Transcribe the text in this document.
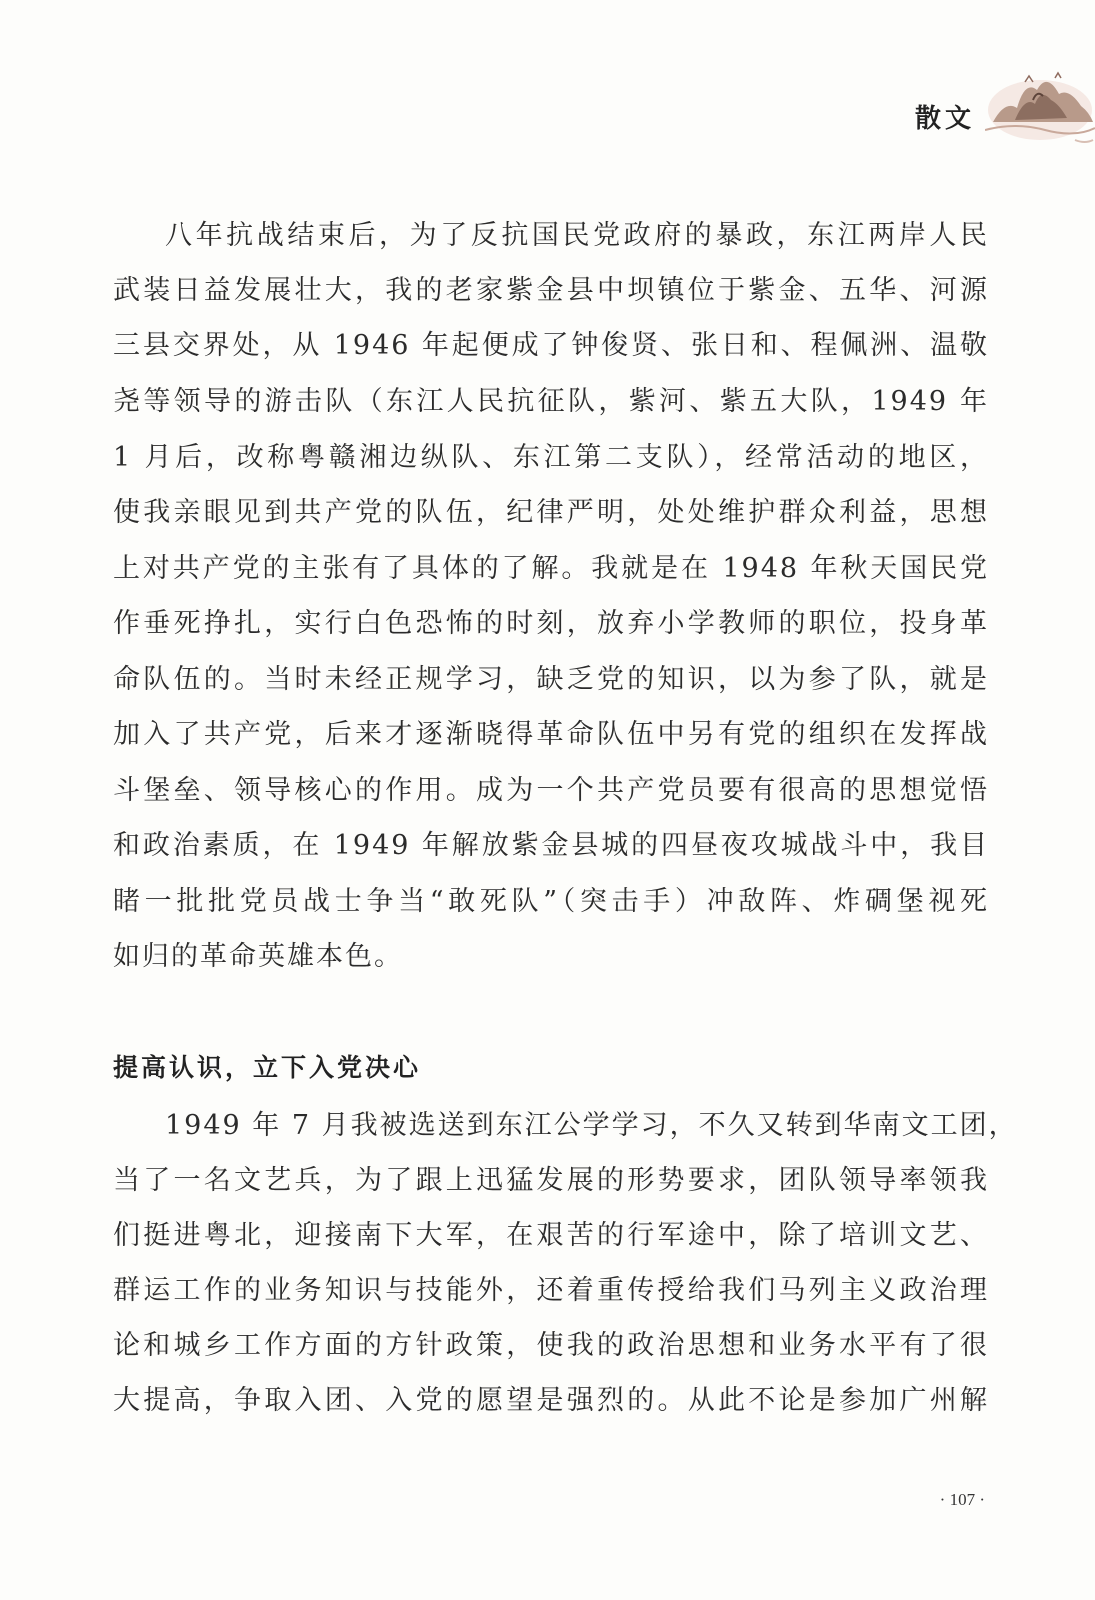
散文
八年抗战结束后，为了反抗国民党政府的暴政，东江两岸人民
武装日益发展壮大，我的老家紫金县中坝镇位于紫金、五华、河源
三县交界处，从 1946 年起便成了钟俊贤、张日和、程佩洲、温敬
尧等领导的游击队（东江人民抗征队，紫河、紫五大队，1949 年
1 月后，改称粤赣湘边纵队、东江第二支队），经常活动的地区，
使我亲眼见到共产党的队伍，纪律严明，处处维护群众利益，思想
上对共产党的主张有了具体的了解。我就是在 1948 年秋天国民党
作垂死挣扎，实行白色恐怖的时刻，放弃小学教师的职位，投身革
命队伍的。当时未经正规学习，缺乏党的知识，以为参了队，就是
加入了共产党，后来才逐渐晓得革命队伍中另有党的组织在发挥战
斗堡垒、领导核心的作用。成为一个共产党员要有很高的思想觉悟
和政治素质，在 1949 年解放紫金县城的四昼夜攻城战斗中，我目
睹一批批党员战士争当“敢死队”（突击手）冲敌阵、炸碉堡视死
如归的革命英雄本色。
提高认识，立下入党决心
1949 年 7 月我被选送到东江公学学习，不久又转到华南文工团，
当了一名文艺兵，为了跟上迅猛发展的形势要求，团队领导率领我
们挺进粤北，迎接南下大军，在艰苦的行军途中，除了培训文艺、
群运工作的业务知识与技能外，还着重传授给我们马列主义政治理
论和城乡工作方面的方针政策，使我的政治思想和业务水平有了很
大提高，争取入团、入党的愿望是强烈的。从此不论是参加广州解
· 107 ·
